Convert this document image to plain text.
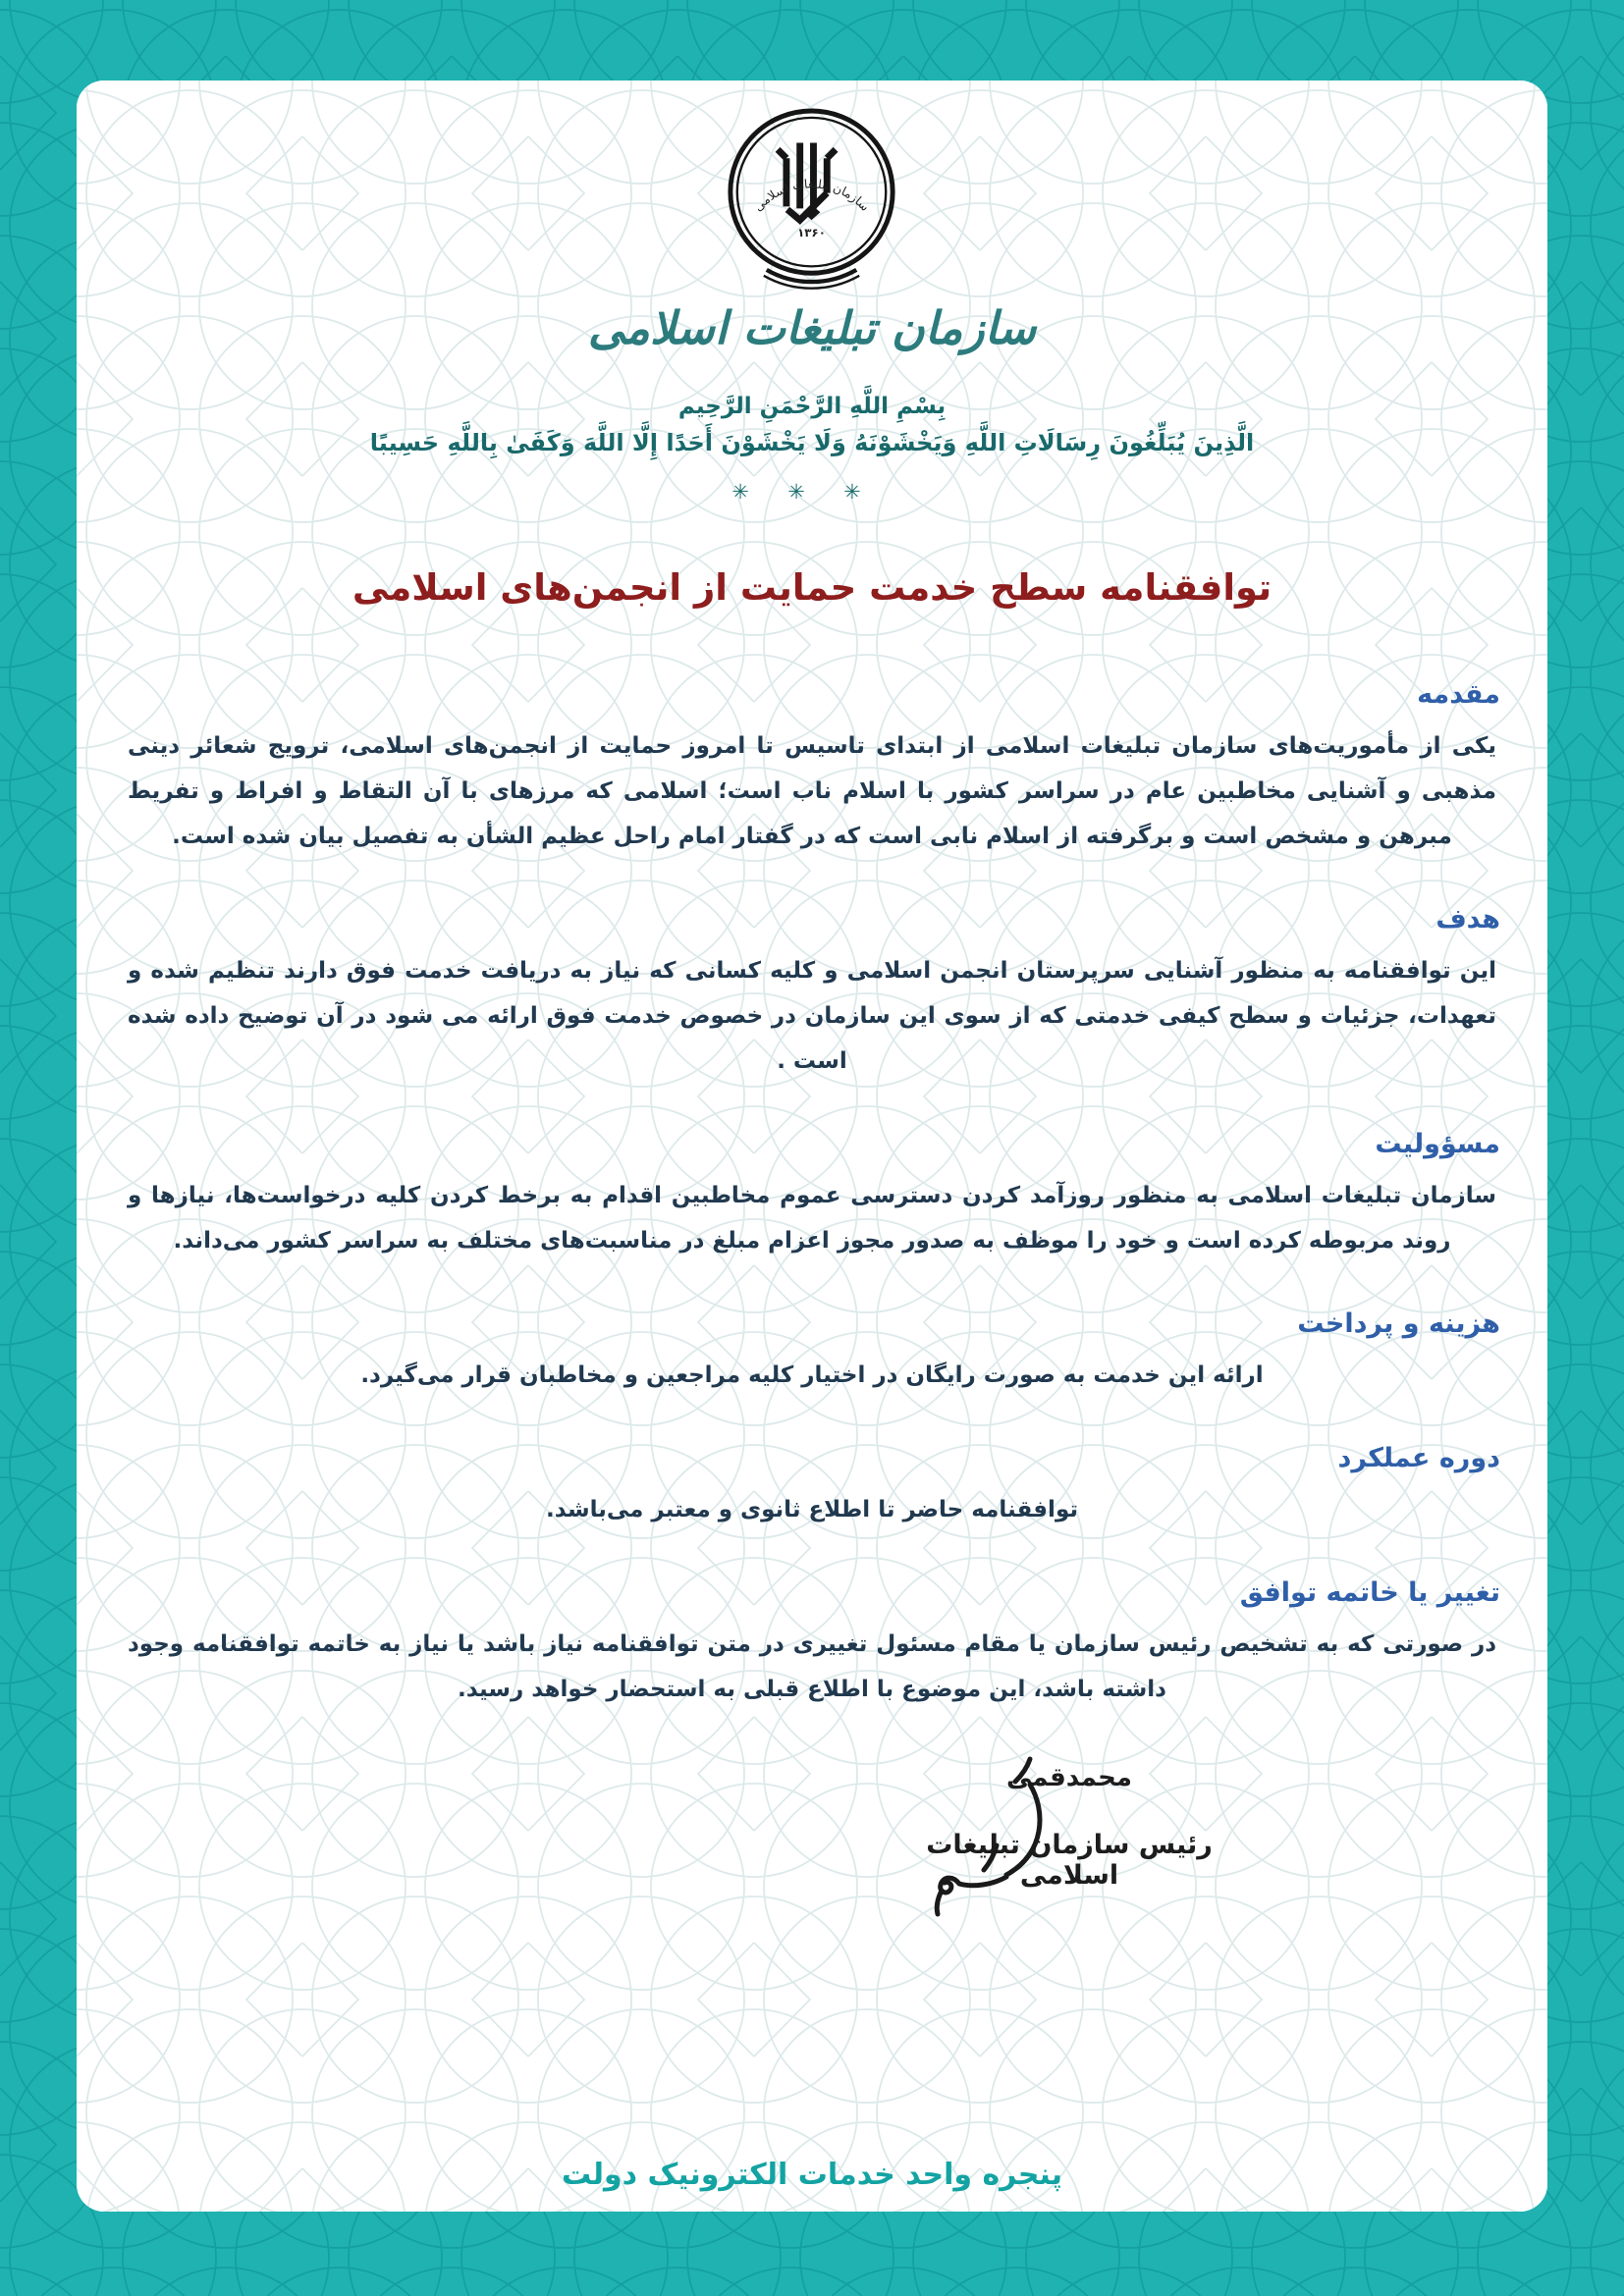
۱۳۶۰
سازمان تبلیغات اسلامی
سازمان تبلیغات اسلامی
بِسْمِ اللَّهِ الرَّحْمَنِ الرَّحِیم
الَّذِینَ یُبَلِّغُونَ رِسَالَاتِ اللَّهِ وَیَخْشَوْنَهُ وَلَا یَخْشَوْنَ أَحَدًا إِلَّا اللَّهَ وَکَفَیٰ بِاللَّهِ حَسِیبًا
✳ ✳ ✳
توافقنامه سطح خدمت حمایت از انجمن‌های اسلامی
مقدمه

یکی از مأموریت‌های سازمان تبلیغات اسلامی از ابتدای تاسیس تا امروز حمایت از انجمن‌های اسلامی، ترویج شعائر دینی مذهبی و آشنایی مخاطبین عام در سراسر کشور با اسلام ناب است؛ اسلامی که مرزهای با آن التقاط و افراط و تفریط مبرهن و مشخص است و برگرفته از اسلام نابی است که در گفتار امام راحل عظیم الشأن به تفصیل بیان شده است.

هدف

این توافقنامه به منظور آشنایی سرپرستان انجمن اسلامی و کلیه کسانی که نیاز به دریافت خدمت فوق دارند تنظیم شده و تعهدات، جزئیات و سطح کیفی خدمتی که از سوی این سازمان در خصوص خدمت فوق ارائه می شود در آن توضیح داده شده است .

مسؤولیت

سازمان تبلیغات اسلامی به منظور روزآمد کردن دسترسی عموم مخاطبین اقدام به برخط کردن کلیه درخواست‌ها، نیازها و روند مربوطه کرده است و خود را موظف به صدور مجوز اعزام مبلغ در مناسبت‌های مختلف به سراسر کشور می‌داند.

هزینه و پرداخت

ارائه این خدمت به صورت رایگان در اختیار کلیه مراجعین و مخاطبان قرار می‌گیرد.

دوره عملکرد

توافقنامه حاضر تا اطلاع ثانوی و معتبر می‌باشد.

تغییر یا خاتمه توافق

در صورتی که به تشخیص رئیس سازمان یا مقام مسئول تغییری در متن توافقنامه نیاز باشد یا نیاز به خاتمه توافقنامه وجود داشته باشد، این موضوع با اطلاع قبلی به استحضار خواهد رسید.

محمدقمی
رئیس سازمان تبلیغات اسلامی
پنجره واحد خدمات الکترونیک دولت
